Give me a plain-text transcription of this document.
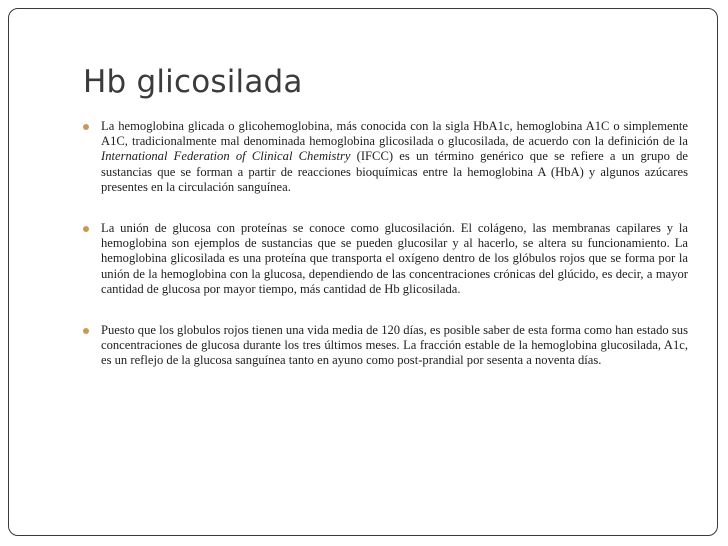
Hb glicosilada
La hemoglobina glicada o glicohemoglobina, más conocida con la sigla HbA1c, hemoglobina A1C o simplemente A1C, tradicionalmente mal denominada hemoglobina glicosilada o glucosilada, de acuerdo con la definición de la International Federation of Clinical Chemistry (IFCC) es un término genérico que se refiere a un grupo de sustancias que se forman a partir de reacciones bioquímicas entre la hemoglobina A (HbA) y algunos azúcares presentes en la circulación sanguínea.
La unión de glucosa con proteínas se conoce como glucosilación. El colágeno, las membranas capilares y la hemoglobina son ejemplos de sustancias que se pueden glucosilar y al hacerlo, se altera su funcionamiento. La hemoglobina glicosilada es una proteína que transporta el oxígeno dentro de los glóbulos rojos que se forma por la unión de la hemoglobina con la glucosa, dependiendo de las concentraciones crónicas del glúcido, es decir, a mayor cantidad de glucosa por mayor tiempo, más cantidad de Hb glicosilada.
Puesto que los globulos rojos tienen una vida media de 120 días, es posible saber de esta forma como han estado sus concentraciones de glucosa durante los tres últimos meses. La fracción estable de la hemoglobina glucosilada, A1c, es un reflejo de la glucosa sanguínea tanto en ayuno como post-prandial por sesenta a noventa días.
